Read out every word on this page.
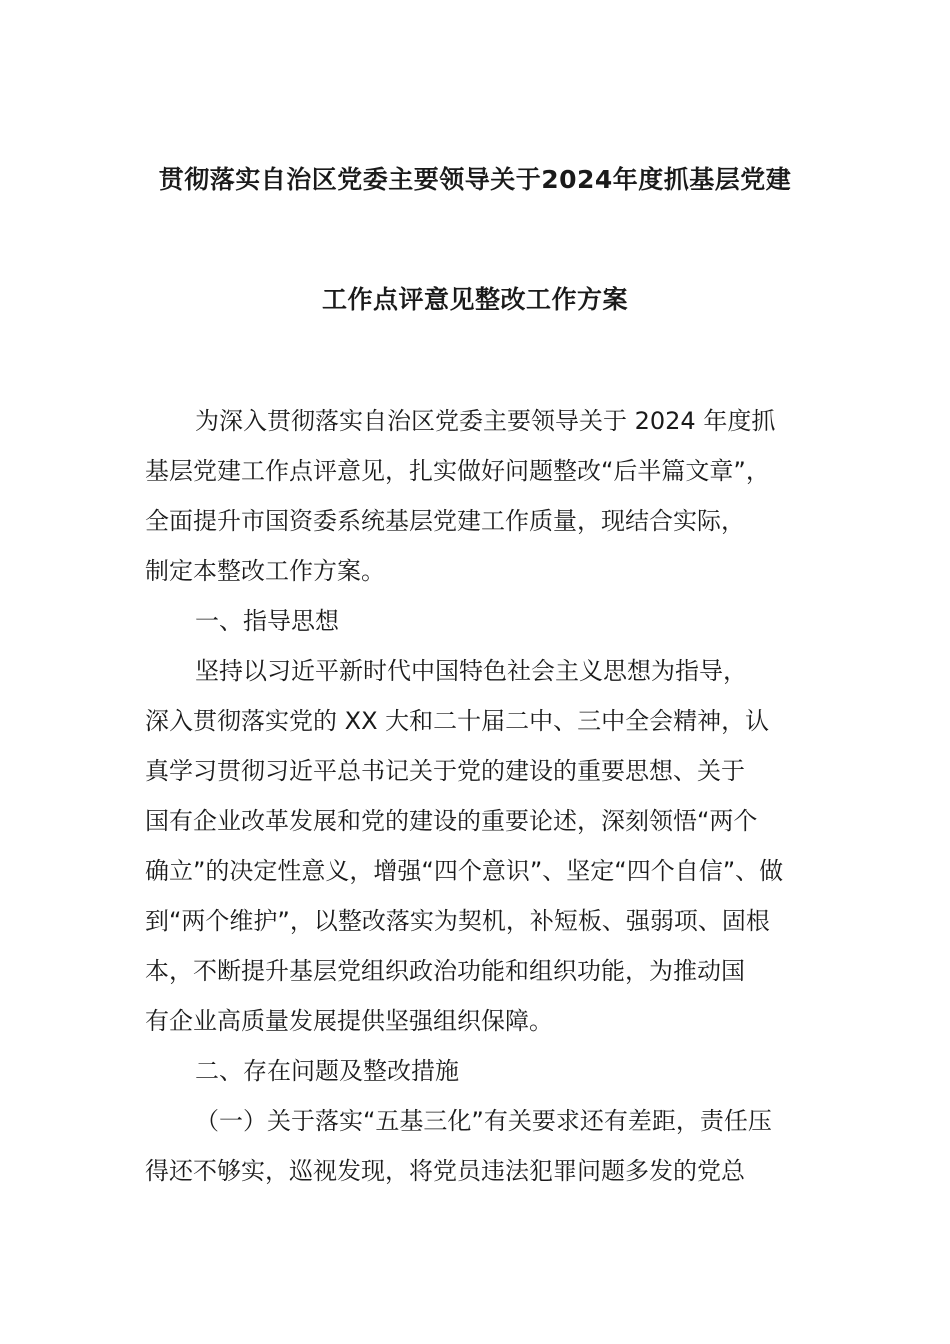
贯彻落实自治区党委主要领导关于2024年度抓基层党建
工作点评意见整改工作方案
为深入贯彻落实自治区党委主要领导关于 2024 年度抓
基层党建工作点评意见，扎实做好问题整改“后半篇文章”，
全面提升市国资委系统基层党建工作质量，现结合实际，
制定本整改工作方案。
一、指导思想
坚持以习近平新时代中国特色社会主义思想为指导，
深入贯彻落实党的 XX 大和二十届二中、三中全会精神，认
真学习贯彻习近平总书记关于党的建设的重要思想、关于
国有企业改革发展和党的建设的重要论述，深刻领悟“两个
确立”的决定性意义，增强“四个意识”、坚定“四个自信”、做
到“两个维护”，以整改落实为契机，补短板、强弱项、固根
本，不断提升基层党组织政治功能和组织功能，为推动国
有企业高质量发展提供坚强组织保障。
二、存在问题及整改措施
（一）关于落实“五基三化”有关要求还有差距，责任压
得还不够实，巡视发现，将党员违法犯罪问题多发的党总
